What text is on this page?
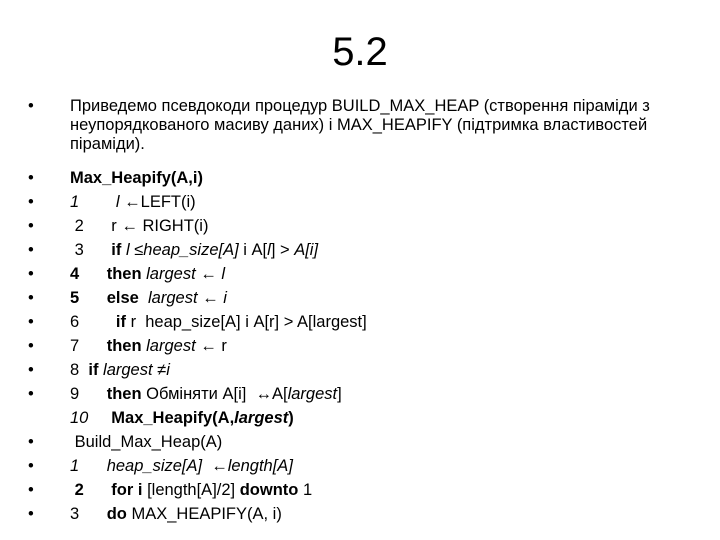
5.2
• Приведемо псевдокоди процедур BUILD_MAX_HEAP (створення піраміди з неупорядкованого масиву даних) і MAX_HEAPIFY (підтримка властивостей піраміди).
• Max_Heapify(A,i)
• 1 l ←LEFT(i)
• 2 r ← RIGHT(i)
• 3 if l ≤heap_size[A] і A[l] > A[i]
• 4 then largest ← l
• 5 else largest ← i
• 6 if r  heap_size[A] і A[r] > A[largest]
• 7 then largest ← r
• 8 if largest ≠i
• 9 then Обміняти A[i]  ↔A[largest]
10 Max_Heapify(A,largest)
• Build_Max_Heap(A)
• 1 heap_size[A]  ←length[A]
• 2 for i [length[A]/2] downto 1
• 3 do MAX_HEAPIFY(A, i)
